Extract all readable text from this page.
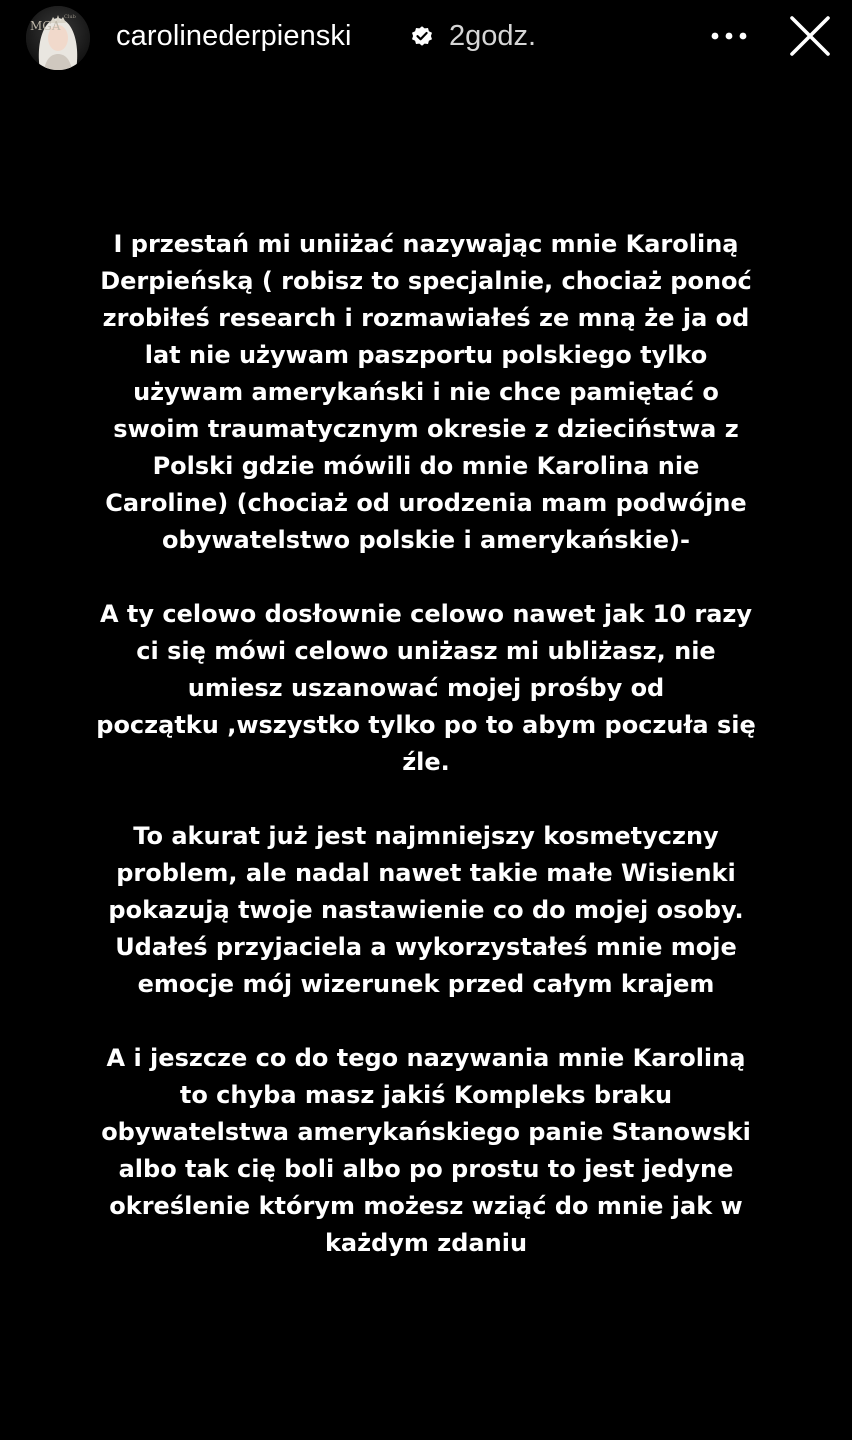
MGA
Club
carolinederpienski	2godz.

I przestań mi uniiżać nazywając mnie Karoliną
Derpieńską ( robisz to specjalnie, chociaż ponoć
zrobiłeś research i rozmawiałeś ze mną że ja od
lat nie używam paszportu polskiego tylko
używam amerykański i nie chce pamiętać o
swoim traumatycznym okresie z dzieciństwa z
Polski gdzie mówili do mnie Karolina nie
Caroline) (chociaż od urodzenia mam podwójne
obywatelstwo polskie i amerykańskie)-

A ty celowo dosłownie celowo nawet jak 10 razy
ci się mówi celowo uniżasz mi ubliżasz, nie
umiesz uszanować mojej prośby od
początku ,wszystko tylko po to abym poczuła się
źle.

To akurat już jest najmniejszy kosmetyczny
problem, ale nadal nawet takie małe Wisienki
pokazują twoje nastawienie co do mojej osoby.
Udałeś przyjaciela a wykorzystałeś mnie moje
emocje mój wizerunek przed całym krajem

A i jeszcze co do tego nazywania mnie Karoliną
to chyba masz jakiś Kompleks braku
obywatelstwa amerykańskiego panie Stanowski
albo tak cię boli albo po prostu to jest jedyne
określenie którym możesz wziąć do mnie jak w
każdym zdaniu
